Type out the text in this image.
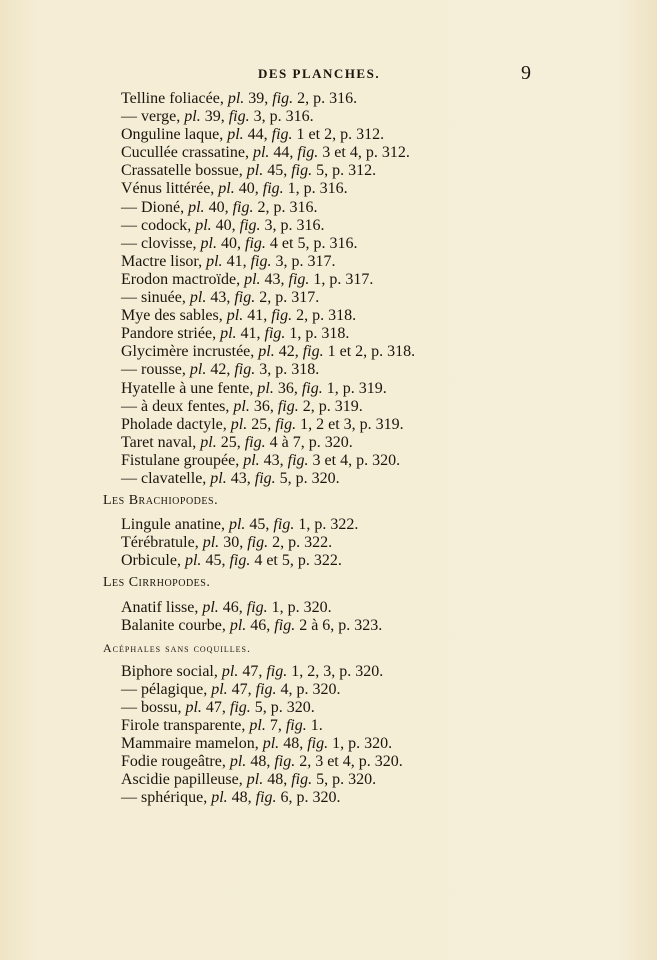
DES PLANCHES.	9
Telline foliacée, pl. 39, fig. 2, p. 316.
— verge, pl. 39, fig. 3, p. 316.
Onguline laque, pl. 44, fig. 1 et 2, p. 312.
Cucullée crassatine, pl. 44, fig. 3 et 4, p. 312.
Crassatelle bossue, pl. 45, fig. 5, p. 312.
Vénus littérée, pl. 40, fig. 1, p. 316.
— Dioné, pl. 40, fig. 2, p. 316.
— codock, pl. 40, fig. 3, p. 316.
— clovisse, pl. 40, fig. 4 et 5, p. 316.
Mactre lisor, pl. 41, fig. 3, p. 317.
Erodon mactroïde, pl. 43, fig. 1, p. 317.
— sinuée, pl. 43, fig. 2, p. 317.
Mye des sables, pl. 41, fig. 2, p. 318.
Pandore striée, pl. 41, fig. 1, p. 318.
Glycimère incrustée, pl. 42, fig. 1 et 2, p. 318.
— rousse, pl. 42, fig. 3, p. 318.
Hyatelle à une fente, pl. 36, fig. 1, p. 319.
— à deux fentes, pl. 36, fig. 2, p. 319.
Pholade dactyle, pl. 25, fig. 1, 2 et 3, p. 319.
Taret naval, pl. 25, fig. 4 à 7, p. 320.
Fistulane groupée, pl. 43, fig. 3 et 4, p. 320.
— clavatelle, pl. 43, fig. 5, p. 320.
Les Brachiopodes.
Lingule anatine, pl. 45, fig. 1, p. 322.
Térébratule, pl. 30, fig. 2, p. 322.
Orbicule, pl. 45, fig. 4 et 5, p. 322.
Les Cirrhopodes.
Anatif lisse, pl. 46, fig. 1, p. 320.
Balanite courbe, pl. 46, fig. 2 à 6, p. 323.
Acéphales sans coquilles.
Biphore social, pl. 47, fig. 1, 2, 3, p. 320.
— pélagique, pl. 47, fig. 4, p. 320.
— bossu, pl. 47, fig. 5, p. 320.
Firole transparente, pl. 7, fig. 1.
Mammaire mamelon, pl. 48, fig. 1, p. 320.
Fodie rougeâtre, pl. 48, fig. 2, 3 et 4, p. 320.
Ascidie papilleuse, pl. 48, fig. 5, p. 320.
— sphérique, pl. 48, fig. 6, p. 320.
